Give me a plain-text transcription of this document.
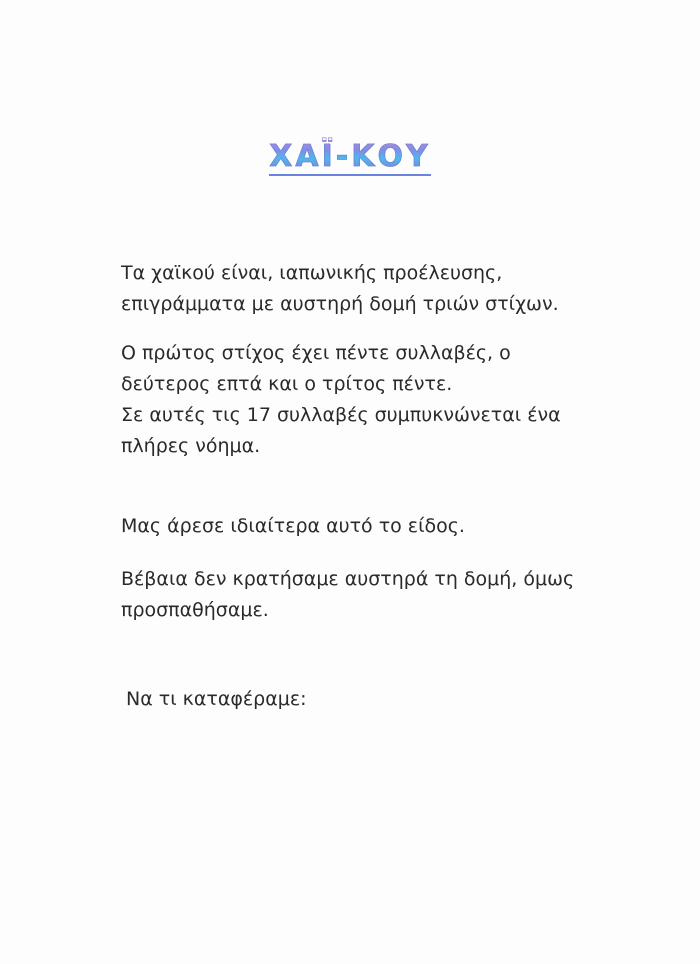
ΧΑΪ-ΚΟΥ

Τα χαϊκού είναι, ιαπωνικής προέλευσης,
επιγράμματα με αυστηρή δομή τριών στίχων.

Ο πρώτος στίχος έχει πέντε συλλαβές, ο
δεύτερος επτά και ο τρίτος πέντε.
Σε αυτές τις 17 συλλαβές συμπυκνώνεται ένα
πλήρες νόημα.

Μας άρεσε ιδιαίτερα αυτό το είδος.

Βέβαια δεν κρατήσαμε αυστηρά τη δομή, όμως
προσπαθήσαμε.

Να τι καταφέραμε:
